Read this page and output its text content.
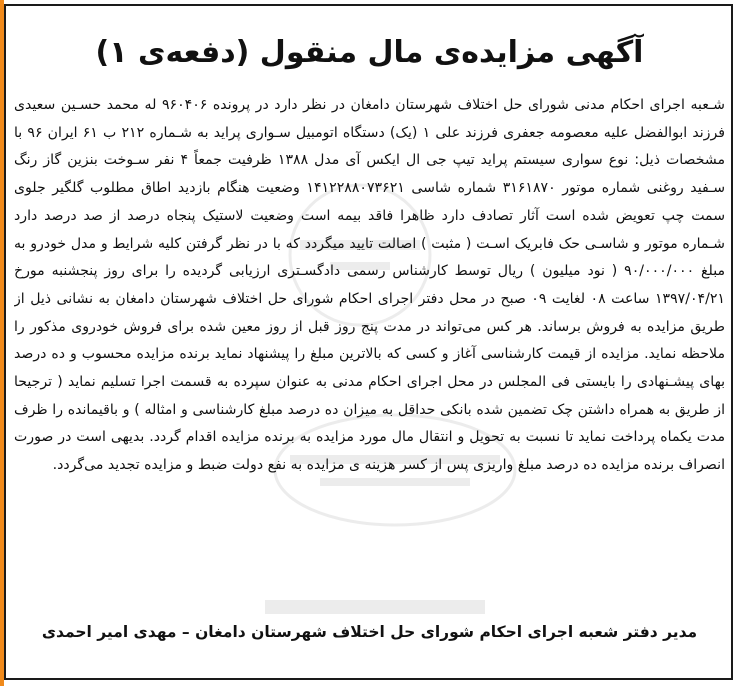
آگهی مزایده‌ی مال منقول (دفعه‌ی ۱)
شـعبه اجرای احکام مدنی شورای حل اختلاف شهرستان دامغان در نظر دارد در پرونده ۹۶۰۴۰۶ له محمد حسـین سعیدی فرزند ابوالفضل علیه معصومه جعفری فرزند علی ۱ (یک) دستگاه اتومبیل سـواری پراید به شـماره ۲۱۲ ب ۶۱ ایران ۹۶ با مشخصات ذیل: نوع سواری سیستم پراید تیپ جی ال ایکس آی مدل ۱۳۸۸ ظرفیت جمعاً ۴ نفر سـوخت بنزین گاز رنگ سـفید روغنی شماره موتور ۳۱۶۱۸۷۰ شماره شاسی ۱۴۱۲۲۸۸۰۷۳۶۲۱ وضعیت هنگام بازدید اطاق مطلوب گلگیر جلوی سمت چپ تعویض شده است آثار تصادف دارد ظاهرا فاقد بیمه است وضعیت لاستیک پنجاه درصد از صد درصد دارد شـماره موتور و شاسـی حک فابریک اسـت ( مثبت ) اصالت تایید میگردد که با در نظر گرفتن کلیه شرایط و مدل خودرو به مبلغ ۹۰/۰۰۰/۰۰۰ ( نود میلیون ) ریال توسط کارشناس رسمی دادگسـتری ارزیابی گردیده را برای روز پنجشنبه مورخ ۱۳۹۷/۰۴/۲۱ ساعت ۰۸ لغایت ۰۹ صبح در محل دفتر اجرای احکام شورای حل اختلاف شهرستان دامغان به نشانی ذیل از طریق مزایده به فروش برساند. هر کس می‌تواند در مدت پنج روز قبل از روز معین شده برای فروش خودروی مذکور را ملاحظه نماید. مزایده از قیمت کارشناسی آغاز و کسی که بالاترین مبلغ را پیشنهاد نماید برنده مزایده محسوب و ده درصد بهای پیشـنهادی را بایستی فی المجلس در محل اجرای احکام مدنی به عنوان سپرده به قسمت اجرا تسلیم نماید ( ترجیحا از طریق به همراه داشتن چک تضمین شده بانکی حداقل به میزان ده درصد مبلغ کارشناسی و امثاله ) و باقیمانده را ظرف مدت یکماه پرداخت نماید تا نسبت به تحویل و انتقال مال مورد مزایده به برنده مزایده اقدام گردد. بدیهی است در صورت انصراف برنده مزایده ده درصد مبلغ واریزی پس از کسر هزینه ی مزایده به نفع دولت ضبط و مزایده تجدید می‌گردد.
مدیر دفتر شعبه اجرای احکام شورای حل اختلاف شهرستان دامغان – مهدی امیر احمدی
